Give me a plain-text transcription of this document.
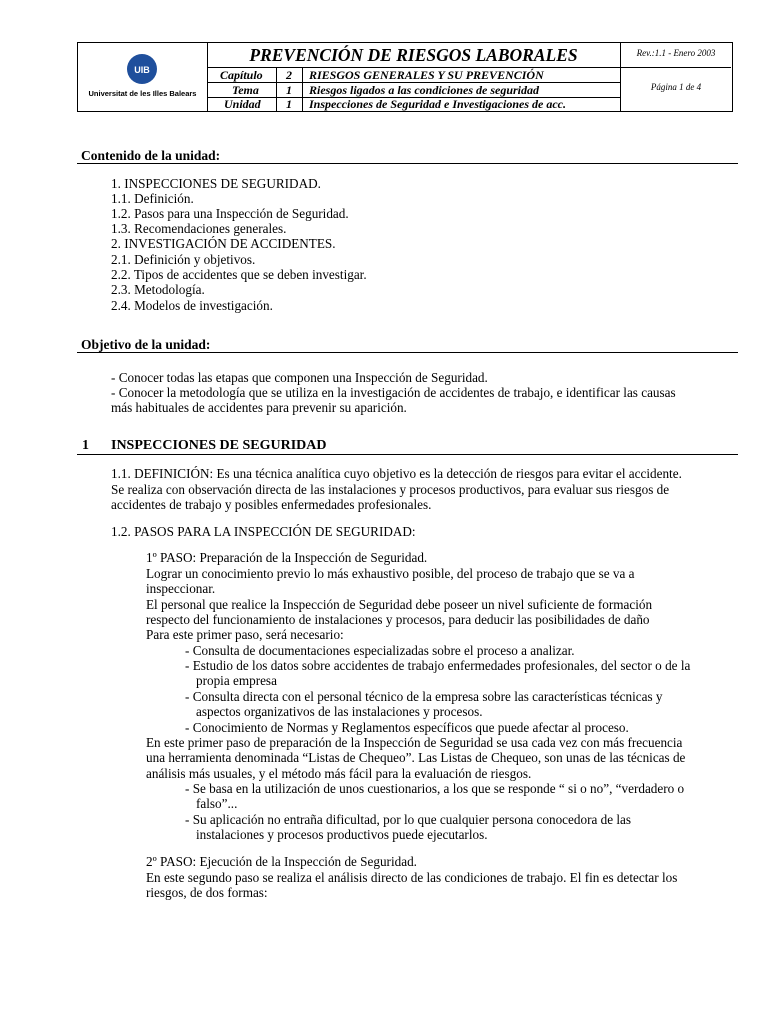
UIB
Universitat de les Illes Balears
PREVENCIÓN DE RIESGOS LABORALES
Capítulo 2 RIESGOS GENERALES Y SU PREVENCIÓN
Tema 1 Riesgos ligados a las condiciones de seguridad
Unidad 1 Inspecciones de Seguridad e Investigaciones de acc.
Rev.:1.1 - Enero 2003
Página 1 de 4
Contenido de la unidad:
1. INSPECCIONES DE SEGURIDAD.
1.1. Definición.
1.2. Pasos para una Inspección de Seguridad.
1.3. Recomendaciones generales.
2. INVESTIGACIÓN DE ACCIDENTES.
2.1. Definición y objetivos.
2.2. Tipos de accidentes que se deben investigar.
2.3. Metodología.
2.4. Modelos de investigación.
Objetivo de la unidad:
- Conocer todas las etapas que componen una Inspección de Seguridad.
- Conocer la metodología que se utiliza en la investigación de accidentes de trabajo, e identificar las causas
más habituales de accidentes para prevenir su aparición.
1 INSPECCIONES DE SEGURIDAD
1.1. DEFINICIÓN: Es una técnica analítica cuyo objetivo es la detección de riesgos para evitar el accidente.
Se realiza con observación directa de las instalaciones y procesos productivos, para evaluar sus riesgos de
accidentes de trabajo y posibles enfermedades profesionales.
1.2. PASOS PARA LA INSPECCIÓN DE SEGURIDAD:
1º PASO: Preparación de la Inspección de Seguridad.
Lograr un conocimiento previo lo más exhaustivo posible, del proceso de trabajo que se va a
inspeccionar.
El personal que realice la Inspección de Seguridad debe poseer un nivel suficiente de formación
respecto del funcionamiento de instalaciones y procesos, para deducir las posibilidades de daño
Para este primer paso, será necesario:
- Consulta de documentaciones especializadas sobre el proceso a analizar.
- Estudio de los datos sobre accidentes de trabajo enfermedades profesionales, del sector o de la
propia empresa
- Consulta directa con el personal técnico de la empresa sobre las características técnicas y
aspectos organizativos de las instalaciones y procesos.
- Conocimiento de Normas y Reglamentos específicos que puede afectar al proceso.
En este primer paso de preparación de la Inspección de Seguridad se usa cada vez con más frecuencia
una herramienta denominada “Listas de Chequeo”. Las Listas de Chequeo, son unas de las técnicas de
análisis más usuales, y el método más fácil para la evaluación de riesgos.
- Se basa en la utilización de unos cuestionarios, a los que se responde “ si o no”, “verdadero o
falso”...
- Su aplicación no entraña dificultad, por lo que cualquier persona conocedora de las
instalaciones y procesos productivos puede ejecutarlos.
2º PASO: Ejecución de la Inspección de Seguridad.
En este segundo paso se realiza el análisis directo de las condiciones de trabajo. El fin es detectar los
riesgos, de dos formas:
